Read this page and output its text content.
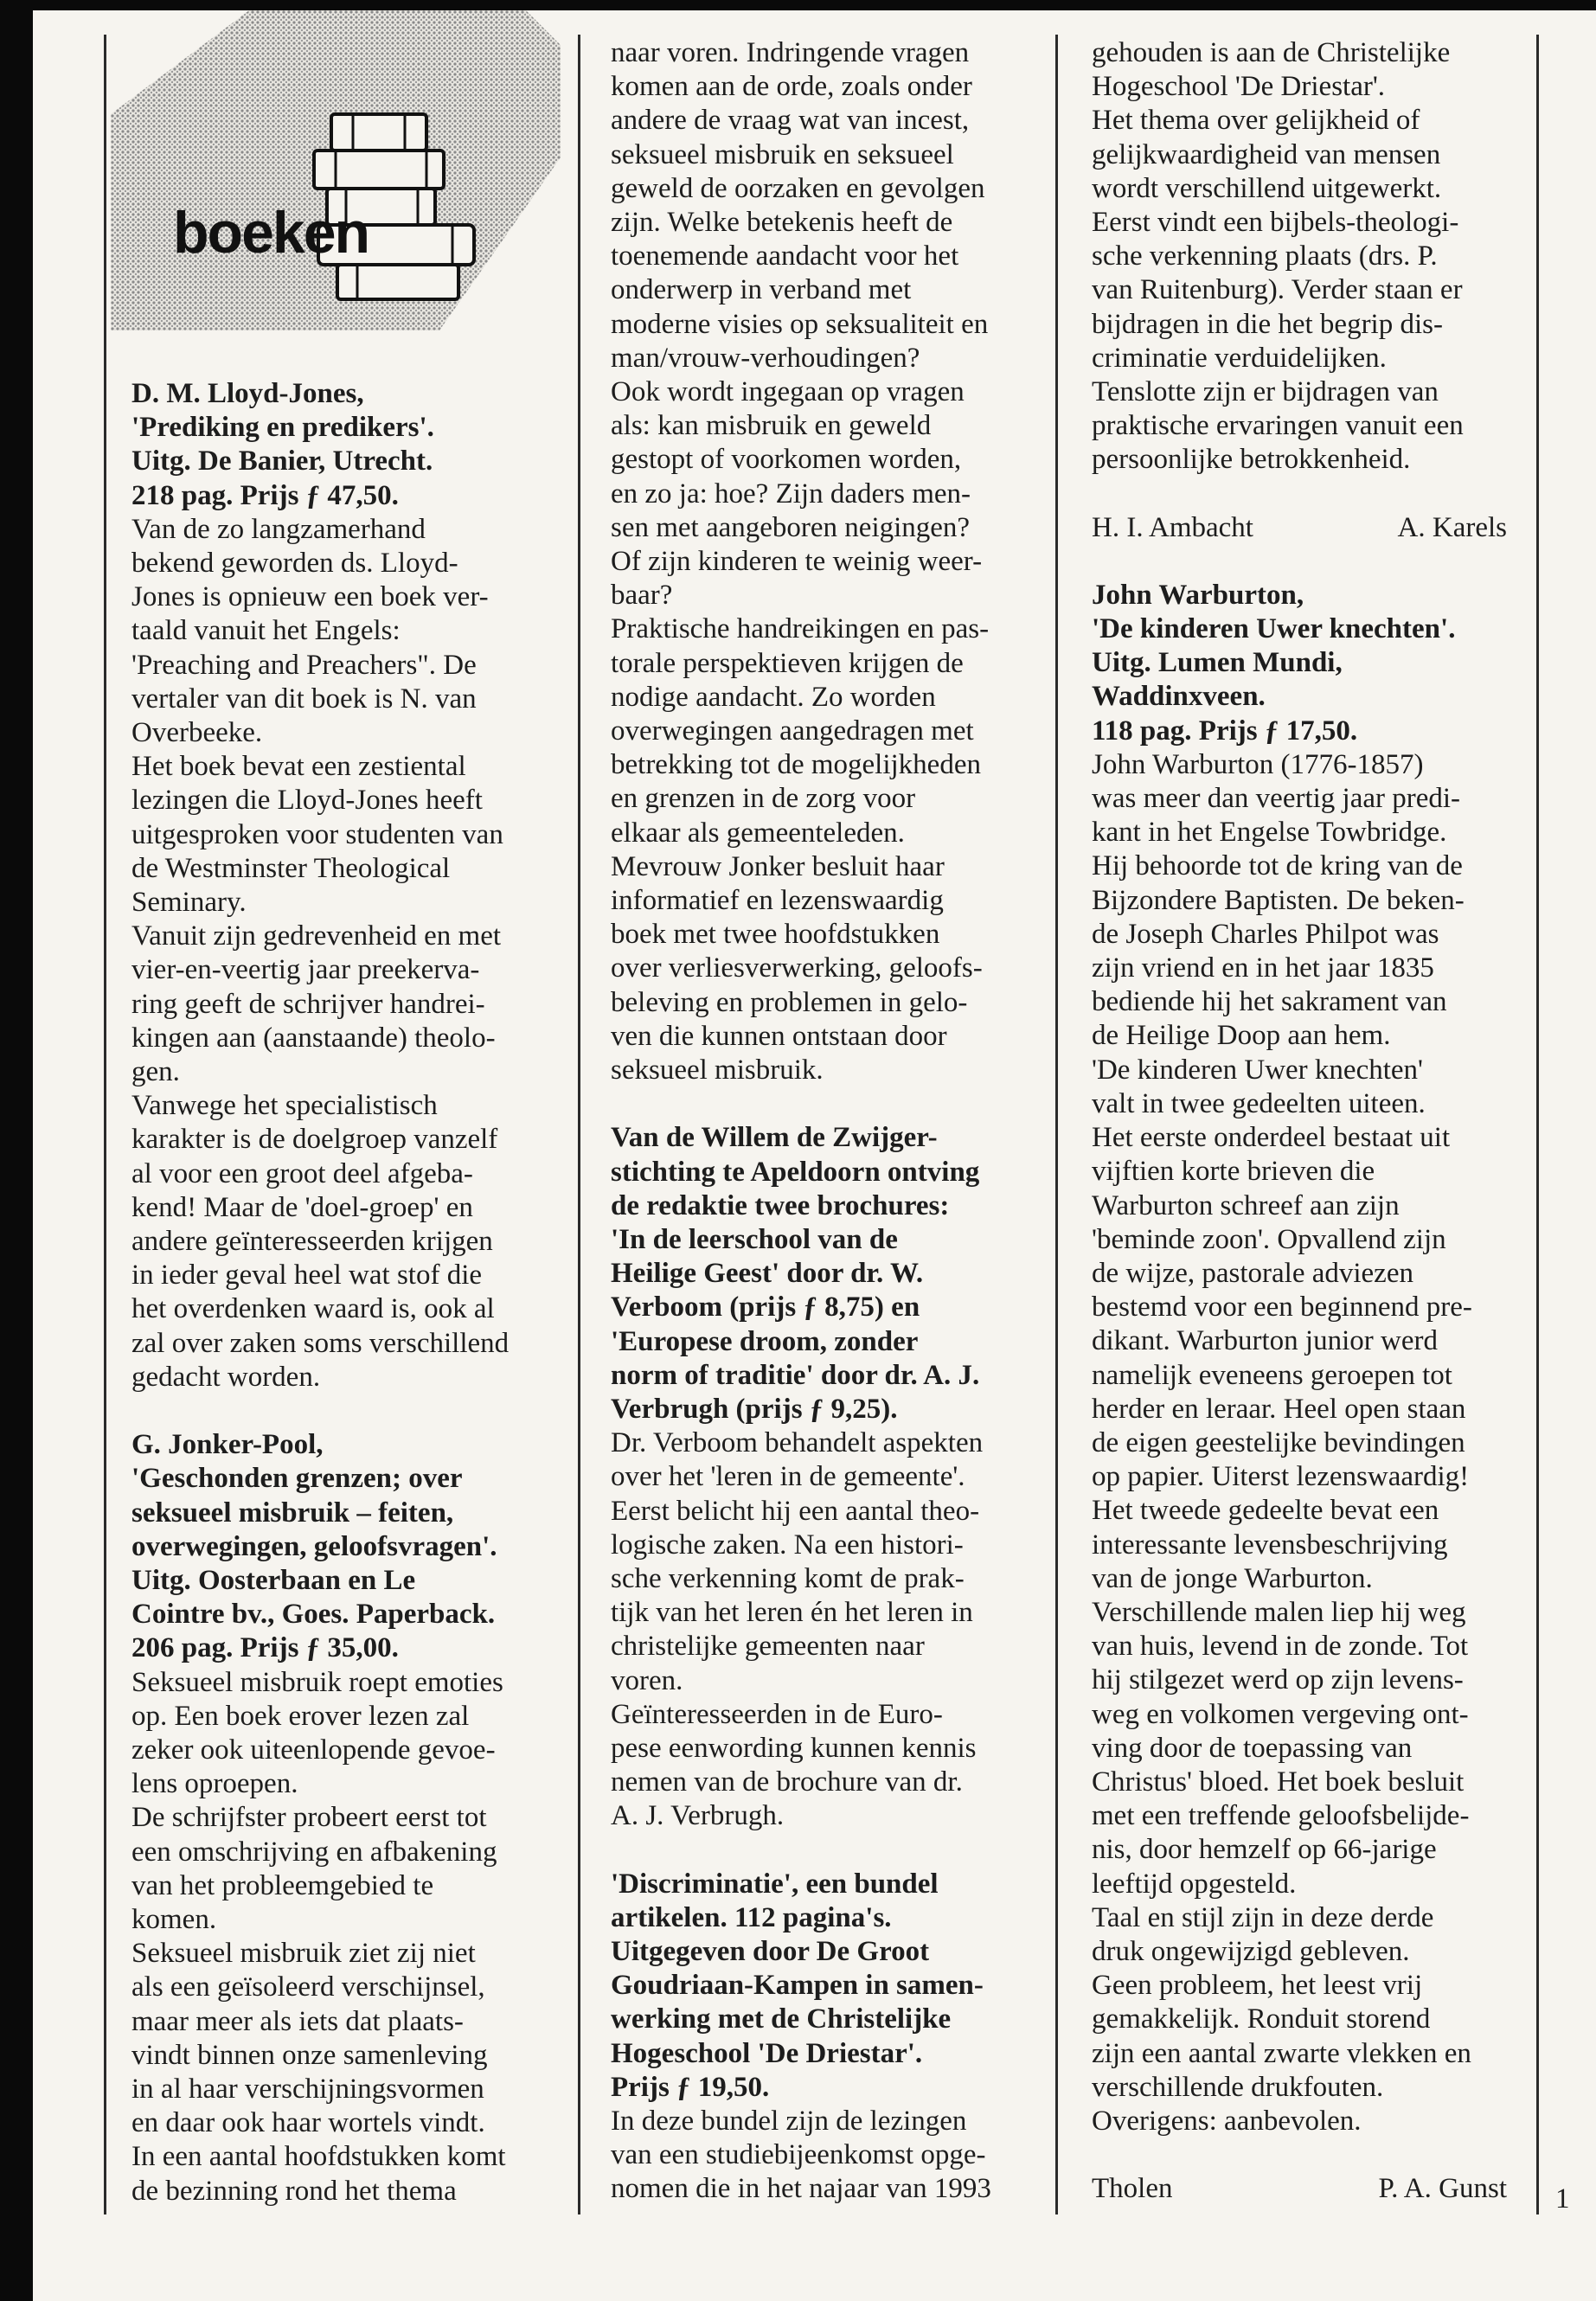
boeken

D. M. Lloyd-Jones,

'Prediking en predikers'.

Uitg. De Banier, Utrecht.

218 pag. Prijs ƒ 47,50.

Van de zo langzamerhand

bekend geworden ds. Lloyd-

Jones is opnieuw een boek ver-

taald vanuit het Engels:

'Preaching and Preachers". De

vertaler van dit boek is N. van

Overbeeke.

Het boek bevat een zestiental

lezingen die Lloyd-Jones heeft

uitgesproken voor studenten van

de Westminster Theological

Seminary.

Vanuit zijn gedrevenheid en met

vier-en-veertig jaar preekerva-

ring geeft de schrijver handrei-

kingen aan (aanstaande) theolo-

gen.

Vanwege het specialistisch

karakter is de doelgroep vanzelf

al voor een groot deel afgeba-

kend! Maar de 'doel-groep' en

andere geïnteresseerden krijgen

in ieder geval heel wat stof die

het overdenken waard is, ook al

zal over zaken soms verschillend

gedacht worden.

G. Jonker-Pool,

'Geschonden grenzen; over

seksueel misbruik – feiten,

overwegingen, geloofsvragen'.

Uitg. Oosterbaan en Le

Cointre bv., Goes. Paperback.

206 pag. Prijs ƒ 35,00.

Seksueel misbruik roept emoties

op. Een boek erover lezen zal

zeker ook uiteenlopende gevoe-

lens oproepen.

De schrijfster probeert eerst tot

een omschrijving en afbakening

van het probleemgebied te

komen.

Seksueel misbruik ziet zij niet

als een geïsoleerd verschijnsel,

maar meer als iets dat plaats-

vindt binnen onze samenleving

in al haar verschijningsvormen

en daar ook haar wortels vindt.

In een aantal hoofdstukken komt

de bezinning rond het thema

naar voren. Indringende vragen

komen aan de orde, zoals onder

andere de vraag wat van incest,

seksueel misbruik en seksueel

geweld de oorzaken en gevolgen

zijn. Welke betekenis heeft de

toenemende aandacht voor het

onderwerp in verband met

moderne visies op seksualiteit en

man/vrouw-verhoudingen?

Ook wordt ingegaan op vragen

als: kan misbruik en geweld

gestopt of voorkomen worden,

en zo ja: hoe? Zijn daders men-

sen met aangeboren neigingen?

Of zijn kinderen te weinig weer-

baar?

Praktische handreikingen en pas-

torale perspektieven krijgen de

nodige aandacht. Zo worden

overwegingen aangedragen met

betrekking tot de mogelijkheden

en grenzen in de zorg voor

elkaar als gemeenteleden.

Mevrouw Jonker besluit haar

informatief en lezenswaardig

boek met twee hoofdstukken

over verliesverwerking, geloofs-

beleving en problemen in gelo-

ven die kunnen ontstaan door

seksueel misbruik.

Van de Willem de Zwijger-

stichting te Apeldoorn ontving

de redaktie twee brochures:

'In de leerschool van de

Heilige Geest' door dr. W.

Verboom (prijs ƒ 8,75) en

'Europese droom, zonder

norm of traditie' door dr. A. J.

Verbrugh (prijs ƒ 9,25).

Dr. Verboom behandelt aspekten

over het 'leren in de gemeente'.

Eerst belicht hij een aantal theo-

logische zaken. Na een histori-

sche verkenning komt de prak-

tijk van het leren én het leren in

christelijke gemeenten naar

voren.

Geïnteresseerden in de Euro-

pese eenwording kunnen kennis

nemen van de brochure van dr.

A. J. Verbrugh.

'Discriminatie', een bundel

artikelen. 112 pagina's.

Uitgegeven door De Groot

Goudriaan-Kampen in samen-

werking met de Christelijke

Hogeschool 'De Driestar'.

Prijs ƒ 19,50.

In deze bundel zijn de lezingen

van een studiebijeenkomst opge-

nomen die in het najaar van 1993

gehouden is aan de Christelijke

Hogeschool 'De Driestar'.

Het thema over gelijkheid of

gelijkwaardigheid van mensen

wordt verschillend uitgewerkt.

Eerst vindt een bijbels-theologi-

sche verkenning plaats (drs. P.

van Ruitenburg). Verder staan er

bijdragen in die het begrip dis-

criminatie verduidelijken.

Tenslotte zijn er bijdragen van

praktische ervaringen vanuit een

persoonlijke betrokkenheid.

H. I. Ambacht	A. Karels

John Warburton,

'De kinderen Uwer knechten'.

Uitg. Lumen Mundi,

Waddinxveen.

118 pag. Prijs ƒ 17,50.

John Warburton (1776-1857)

was meer dan veertig jaar predi-

kant in het Engelse Towbridge.

Hij behoorde tot de kring van de

Bijzondere Baptisten. De beken-

de Joseph Charles Philpot was

zijn vriend en in het jaar 1835

bediende hij het sakrament van

de Heilige Doop aan hem.

'De kinderen Uwer knechten'

valt in twee gedeelten uiteen.

Het eerste onderdeel bestaat uit

vijftien korte brieven die

Warburton schreef aan zijn

'beminde zoon'. Opvallend zijn

de wijze, pastorale adviezen

bestemd voor een beginnend pre-

dikant. Warburton junior werd

namelijk eveneens geroepen tot

herder en leraar. Heel open staan

de eigen geestelijke bevindingen

op papier. Uiterst lezenswaardig!

Het tweede gedeelte bevat een

interessante levensbeschrijving

van de jonge Warburton.

Verschillende malen liep hij weg

van huis, levend in de zonde. Tot

hij stilgezet werd op zijn levens-

weg en volkomen vergeving ont-

ving door de toepassing van

Christus' bloed. Het boek besluit

met een treffende geloofsbelijde-

nis, door hemzelf op 66-jarige

leeftijd opgesteld.

Taal en stijl zijn in deze derde

druk ongewijzigd gebleven.

Geen probleem, het leest vrij

gemakkelijk. Ronduit storend

zijn een aantal zwarte vlekken en

verschillende drukfouten.

Overigens: aanbevolen.

Tholen	P. A. Gunst 1
